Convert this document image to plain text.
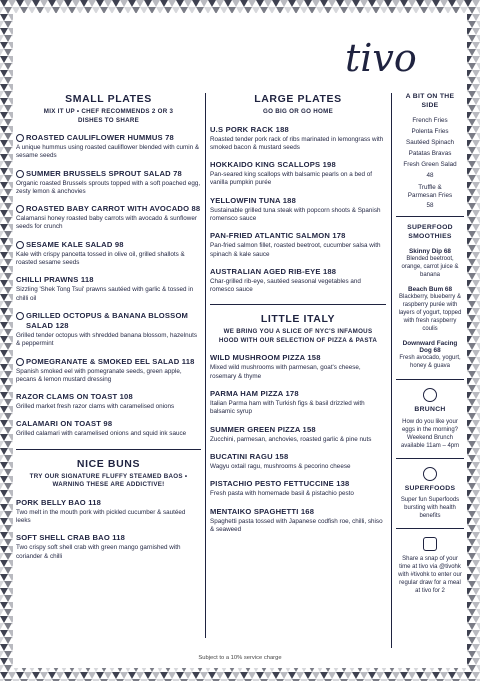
tivo
SMALL PLATES
MIX IT UP • CHEF RECOMMENDS 2 OR 3 DISHES TO SHARE
ROASTED CAULIFLOWER HUMMUS 78
A unique hummus using roasted cauliflower blended with cumin & sesame seeds
SUMMER BRUSSELS SPROUT SALAD 78
Organic roasted Brussels sprouts topped with a soft poached egg, zesty lemon & anchovies
ROASTED BABY CARROT WITH AVOCADO 88
Calamansi honey roasted baby carrots with avocado & sunflower seeds for crunch
SESAME KALE SALAD 98
Kale with crispy pancetta tossed in olive oil, grilled shallots & roasted sesame seeds
CHILLI PRAWNS 118
Sizzling 'Shek Tong Tsui' prawns sautéed with garlic & tossed in chilli oil
GRILLED OCTOPUS & BANANA BLOSSOM SALAD 128
Grilled tender octopus with shredded banana blossom, hazelnuts & peppermint
POMEGRANATE & SMOKED EEL SALAD 118
Spanish smoked eel with pomegranate seeds, green apple, pecans & lemon mustard dressing
RAZOR CLAMS ON TOAST 108
Grilled market fresh razor clams with caramelised onions
CALAMARI ON TOAST 98
Grilled calamari with caramelised onions and squid ink sauce
NICE BUNS
TRY OUR SIGNATURE FLUFFY STEAMED BAOS • WARNING THESE ARE ADDICTIVE!
PORK BELLY BAO 118
Two melt in the mouth pork with pickled cucumber & sautéed leeks
SOFT SHELL CRAB BAO 118
Two crispy soft shell crab with green mango garnished with coriander & chilli
LARGE PLATES
GO BIG OR GO HOME
U.S PORK RACK 188
Roasted tender pork rack of ribs marinated in lemongrass with smoked bacon & mustard seeds
HOKKAIDO KING SCALLOPS 198
Pan-seared king scallops with balsamic pearls on a bed of vanilla pumpkin purée
YELLOWFIN TUNA 188
Sustainable grilled tuna steak with popcorn shoots & Spanish romensco sauce
PAN-FRIED ATLANTIC SALMON 178
Pan-fried salmon fillet, roasted beetroot, cucumber salsa with spinach & kale sauce
AUSTRALIAN AGED RIB-EYE 188
Char-grilled rib-eye, sautéed seasonal vegetables and romesco sauce
LITTLE ITALY
WE BRING YOU A SLICE OF NYC'S INFAMOUS HOOD WITH OUR SELECTION OF PIZZA & PASTA
WILD MUSHROOM PIZZA 158
Mixed wild mushrooms with parmesan, goat's cheese, rosemary & thyme
PARMA HAM PIZZA 178
Italian Parma ham with Turkish figs & basil drizzled with balsamic syrup
SUMMER GREEN PIZZA 158
Zucchini, parmesan, anchovies, roasted garlic & pine nuts
BUCATINI RAGU 158
Wagyu oxtail ragu, mushrooms & pecorino cheese
PISTACHIO PESTO FETTUCCINE 138
Fresh pasta with homemade basil & pistachio pesto
MENTAIKO SPAGHETTI 168
Spaghetti pasta tossed with Japanese codfish roe, chilli, shiso & seaweed
A BIT ON THE SIDE
French Fries
Polenta Fries
Sautéed Spinach
Patatas Bravas
Fresh Green Salad
48
Truffle &
Parmesan Fries
58
SUPERFOOD SMOOTHIES
Skinny Dip 68
Blended beetroot, orange, carrot juice & banana
Beach Bum 68
Blackberry, blueberry & raspberry purée with layers of yogurt, topped with fresh raspberry coulis
Downward Facing Dog 68
Fresh avocado, yogurt, honey & guava
BRUNCH
How do you like your eggs in the morning? Weekend Brunch available 11am – 4pm
SUPERFOODS
Super fun Superfoods bursting with health benefits
Share a snap of your time at tivo via @tivohk with #tivohk to enter our regular draw for a meal at tivo for 2
Subject to a 10% service charge
